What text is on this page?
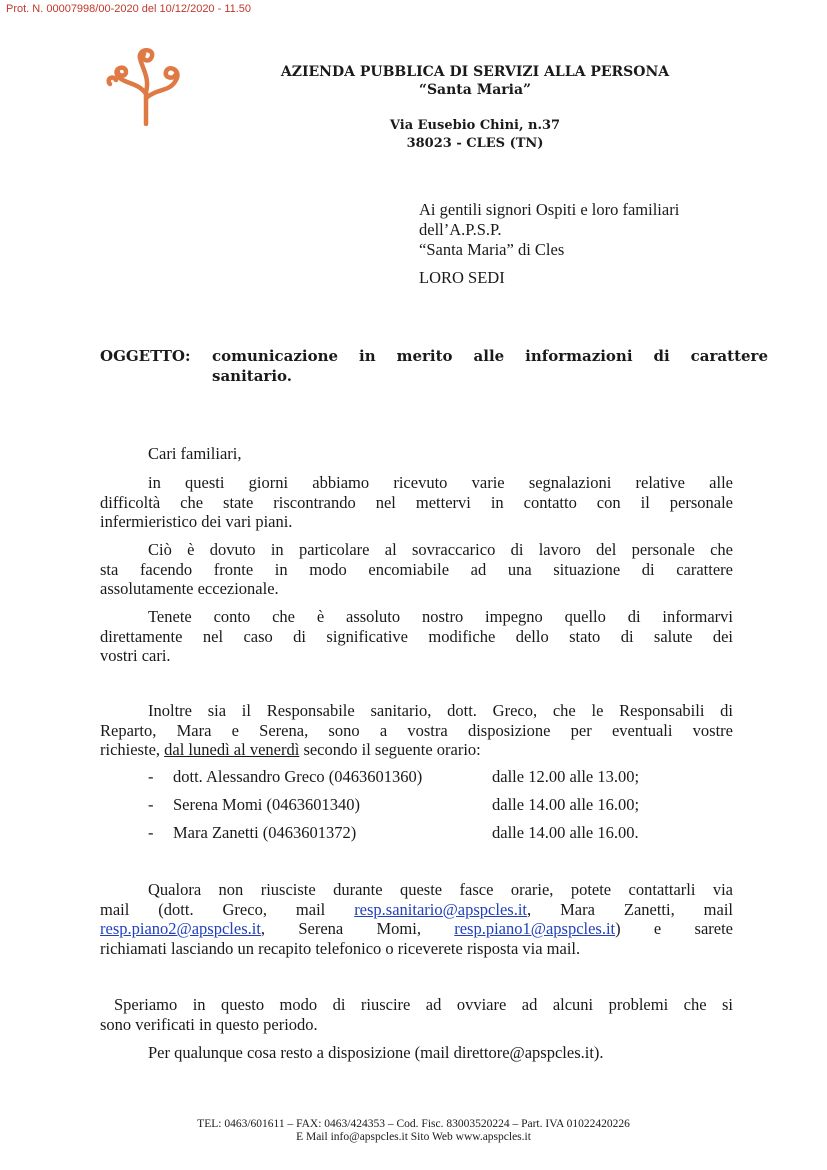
Prot. N. 00007998/00-2020 del 10/12/2020 - 11.50
AZIENDA PUBBLICA DI SERVIZI ALLA PERSONA
“Santa Maria”
Via Eusebio Chini, n.37
38023 - CLES (TN)
Ai gentili signori Ospiti e loro familiari
dell’A.P.S.P.
“Santa Maria” di Cles
LORO SEDI
OGGETTO: comunicazione in merito alle informazioni di carattere
sanitario.
Cari familiari,
in questi giorni abbiamo ricevuto varie segnalazioni relative alle
difficoltà che state riscontrando nel mettervi in contatto con il personale
infermieristico dei vari piani.
Ciò è dovuto in particolare al sovraccarico di lavoro del personale che
sta facendo fronte in modo encomiabile ad una situazione di carattere
assolutamente eccezionale.
Tenete conto che è assoluto nostro impegno quello di informarvi
direttamente nel caso di significative modifiche dello stato di salute dei
vostri cari.
Inoltre sia il Responsabile sanitario, dott. Greco, che le Responsabili di
Reparto, Mara e Serena, sono a vostra disposizione per eventuali vostre
richieste, dal lunedì al venerdì secondo il seguente orario:
- dott. Alessandro Greco (0463601360)	dalle 12.00 alle 13.00;
- Serena Momi (0463601340)	dalle 14.00 alle 16.00;
- Mara Zanetti (0463601372)	dalle 14.00 alle 16.00.
Qualora non riusciste durante queste fasce orarie, potete contattarli via
mail (dott. Greco, mail resp.sanitario@apspcles.it, Mara Zanetti, mail
resp.piano2@apspcles.it, Serena Momi, resp.piano1@apspcles.it) e sarete
richiamati lasciando un recapito telefonico o riceverete risposta via mail.
Speriamo in questo modo di riuscire ad ovviare ad alcuni problemi che si
sono verificati in questo periodo.
Per qualunque cosa resto a disposizione (mail direttore@apspcles.it).
TEL: 0463/601611 – FAX: 0463/424353 – Cod. Fisc. 83003520224 – Part. IVA 01022420226
E Mail info@apspcles.it Sito Web www.apspcles.it
